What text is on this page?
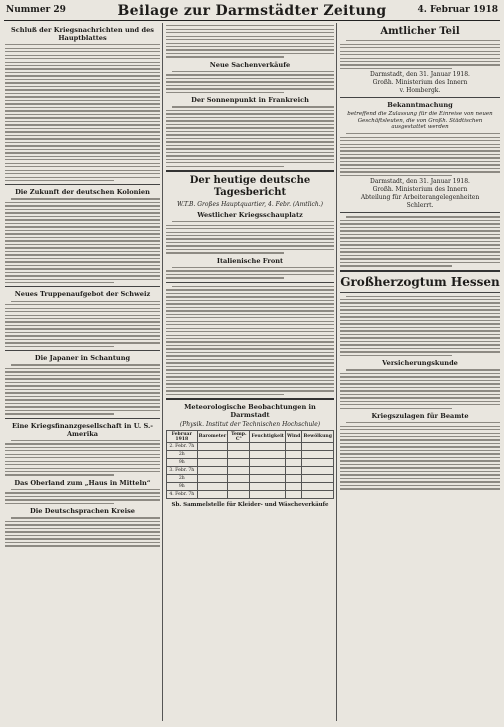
Nummer 29	Beilage zur Darmstädter Zeitung	4. Februar 1918
Schluß der Kriegsnachrichten und des Hauptblattes
Die Zukunft der deutschen Kolonien
Neues Truppenaufgebot der Schweiz
Die Japaner in Schantung
Eine Kriegsfinanzgesellschaft in U. S.-Amerika
Das Oberland zum „Haus in Mitteln“
Die Deutschsprachen Kreise
Neue Sachenverkäufe
Der Sonnenpunkt in Frankreich
Der heutige deutsche Tagesbericht
W.T.B. Großes Hauptquartier, 4. Febr. (Amtlich.)
Westlicher Kriegsschauplatz
Italienische Front
Meteorologische Beobachtungen in Darmstadt
(Physik. Institut der Technischen Hochschule)
Februar 1918	Barometer	Temp. C°	Feuchtigkeit	Wind	Bewölkung
2. Febr. 7h					
2h					
9h					
3. Febr. 7h					
2h					
9h					
4. Febr. 7h					
Sb. Sammelstelle für Kleider- und Wäscheverkäufe
Amtlicher Teil
Darmstadt, den 31. Januar 1918.
Großh. Ministerium des Innern
v. Hombergk.
Bekanntmachung
betreffend die Zulassung für die Einreise von neuen Geschäftsleuten, die von Großh. Städtischen ausgestattet werden
Darmstadt, den 31. Januar 1918.
Großh. Ministerium des Innern
Abteilung für Arbeiterangelegenheiten
Schlerrt.
Großherzogtum Hessen
Versicherungskunde
Kriegszulagen für Beamte
